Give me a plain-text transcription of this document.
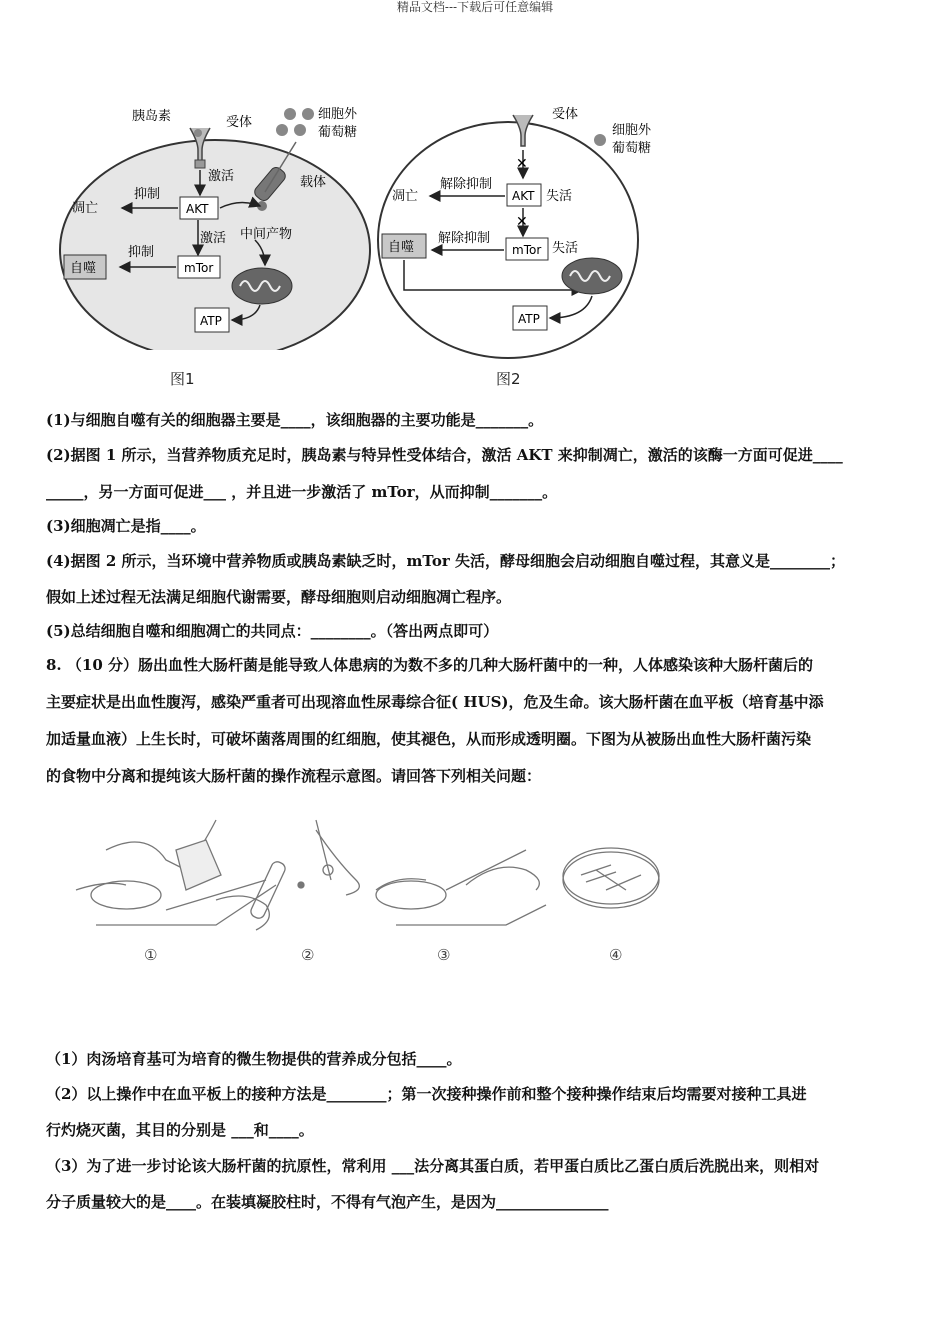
精品文档---下载后可任意编辑
胰岛素	受体
细胞外
葡萄糖
载体
激活
抑制
凋亡	AKT
激活 中间产物
抑制
自噬	mTor
ATP
图1
✕
✕
受体
细胞外
葡萄糖
解除抑制
凋亡	AKT 失活
解除抑制
自噬	mTor 失活
ATP
图2
(1)与细胞自噬有关的细胞器主要是____，该细胞器的主要功能是_______。
(2)据图 1 所示，当营养物质充足时，胰岛素与特异性受体结合，激活 AKT 来抑制凋亡，激活的该酶一方面可促进____
_____，另一方面可促进___ ，并且进一步激活了 mTor，从而抑制_______。
(3)细胞凋亡是指____。
(4)据图 2 所示，当环境中营养物质或胰岛素缺乏时，mTor 失活，酵母细胞会启动细胞自噬过程，其意义是________；
假如上述过程无法满足细胞代谢需要，酵母细胞则启动细胞凋亡程序。
(5)总结细胞自噬和细胞凋亡的共同点：________。（答出两点即可）
8. （10 分）肠出血性大肠杆菌是能导致人体患病的为数不多的几种大肠杆菌中的一种，人体感染该种大肠杆菌后的
主要症状是出血性腹泻，感染严重者可出现溶血性尿毒综合征( HUS)，危及生命。该大肠杆菌在血平板（培育基中添
加适量血液）上生长时，可破坏菌落周围的红细胞，使其褪色，从而形成透明圈。下图为从被肠出血性大肠杆菌污染
的食物中分离和提纯该大肠杆菌的操作流程示意图。请回答下列相关问题：
①	②	③	④
（1）肉汤培育基可为培育的微生物提供的营养成分包括____。
（2）以上操作中在血平板上的接种方法是________；第一次接种操作前和整个接种操作结束后均需要对接种工具进
行灼烧灭菌，其目的分别是 ___和____。
（3）为了进一步讨论该大肠杆菌的抗原性，常利用 ___法分离其蛋白质，若甲蛋白质比乙蛋白质后洗脱出来，则相对
分子质量较大的是____。在装填凝胶柱时，不得有气泡产生，是因为_______________
